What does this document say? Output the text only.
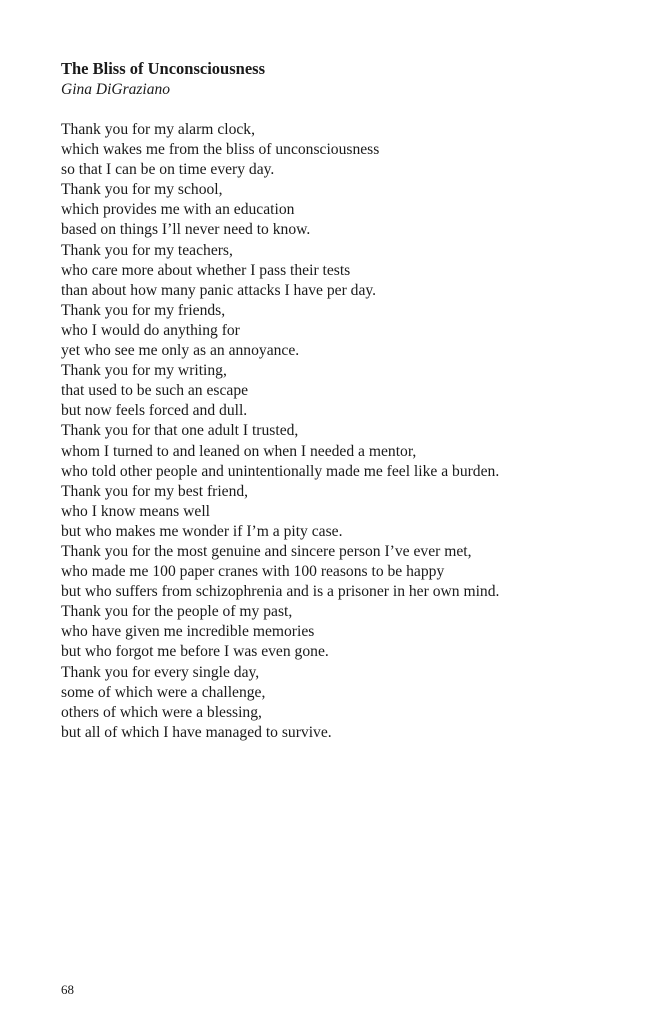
The Bliss of Unconsciousness

Gina DiGraziano

Thank you for my alarm clock,
which wakes me from the bliss of unconsciousness
so that I can be on time every day.
Thank you for my school,
which provides me with an education
based on things I’ll never need to know.
Thank you for my teachers,
who care more about whether I pass their tests
than about how many panic attacks I have per day.
Thank you for my friends,
who I would do anything for
yet who see me only as an annoyance.
Thank you for my writing,
that used to be such an escape
but now feels forced and dull.
Thank you for that one adult I trusted,
whom I turned to and leaned on when I needed a mentor,
who told other people and unintentionally made me feel like a burden.
Thank you for my best friend,
who I know means well
but who makes me wonder if I’m a pity case.
Thank you for the most genuine and sincere person I’ve ever met,
who made me 100 paper cranes with 100 reasons to be happy
but who suffers from schizophrenia and is a prisoner in her own mind.
Thank you for the people of my past,
who have given me incredible memories
but who forgot me before I was even gone.
Thank you for every single day,
some of which were a challenge,
others of which were a blessing,
but all of which I have managed to survive.

68
